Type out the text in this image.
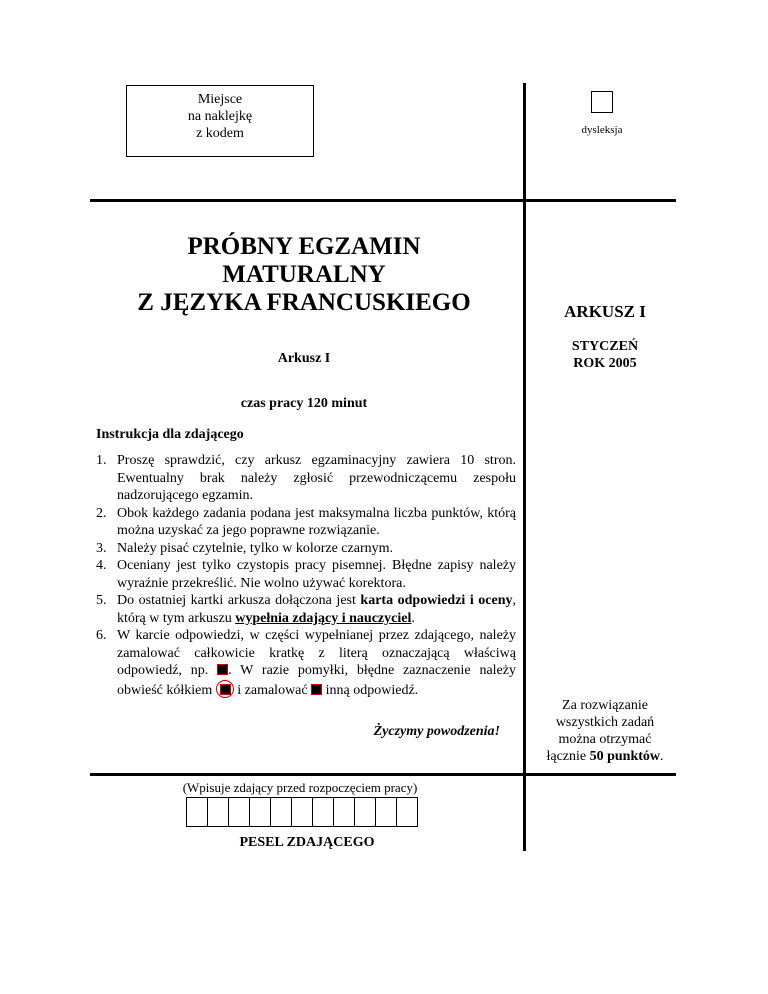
Miejsce
na naklejkę
z kodem	dysleksja
PRÓBNY EGZAMIN
MATURALNY
Z JĘZYKA FRANCUSKIEGO
Arkusz I
ARKUSZ I
STYCZEŃ
ROK 2005
czas pracy 120 minut
Instrukcja dla zdającego
1. Proszę sprawdzić, czy arkusz egzaminacyjny zawiera 10 stron. Ewentualny brak należy zgłosić przewodniczącemu zespołu nadzorującego egzamin.
2. Obok każdego zadania podana jest maksymalna liczba punktów, którą można uzyskać za jego poprawne rozwiązanie.
3. Należy pisać czytelnie, tylko w kolorze czarnym.
4. Oceniany jest tylko czystopis pracy pisemnej. Błędne zapisy należy wyraźnie przekreślić. Nie wolno używać korektora.
5. Do ostatniej kartki arkusza dołączona jest karta odpowiedzi i oceny, którą w tym arkuszu wypełnia zdający i nauczyciel.
6. W karcie odpowiedzi, w części wypełnianej przez zdającego, należy zamalować całkowicie kratkę z literą oznaczającą właściwą odpowiedź, np. . W razie pomyłki, błędne zaznaczenie należy obwieść kółkiem
i zamalować  inną odpowiedź.
Życzymy powodzenia!
Za rozwiązanie
wszystkich zadań
można otrzymać
łącznie 50 punktów.
(Wpisuje zdający przed rozpoczęciem pracy)
PESEL ZDAJĄCEGO
